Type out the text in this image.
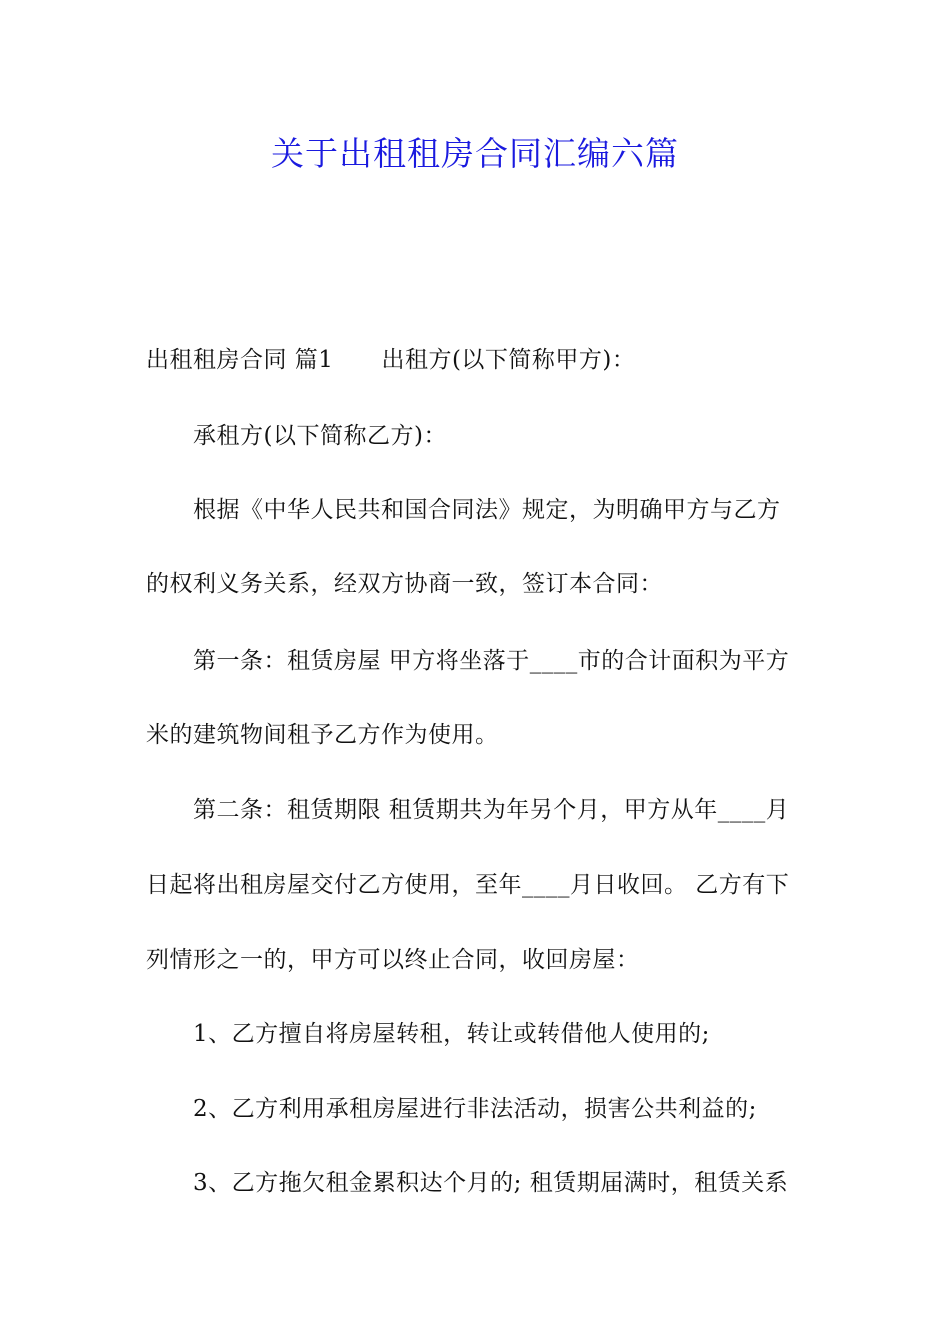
关于出租租房合同汇编六篇
出租租房合同 篇1 出租方(以下简称甲方)：
承租方(以下简称乙方)：
根据《中华人民共和国合同法》规定，为明确甲方与乙方
的权利义务关系，经双方协商一致，签订本合同：
第一条：租赁房屋 甲方将坐落于____市的合计面积为平方
米的建筑物间租予乙方作为使用。
第二条：租赁期限 租赁期共为年另个月，甲方从年____月
日起将出租房屋交付乙方使用，至年____月日收回。 乙方有下
列情形之一的，甲方可以终止合同，收回房屋：
1、乙方擅自将房屋转租，转让或转借他人使用的;
2、乙方利用承租房屋进行非法活动，损害公共利益的;
3、乙方拖欠租金累积达个月的; 租赁期届满时，租赁关系
